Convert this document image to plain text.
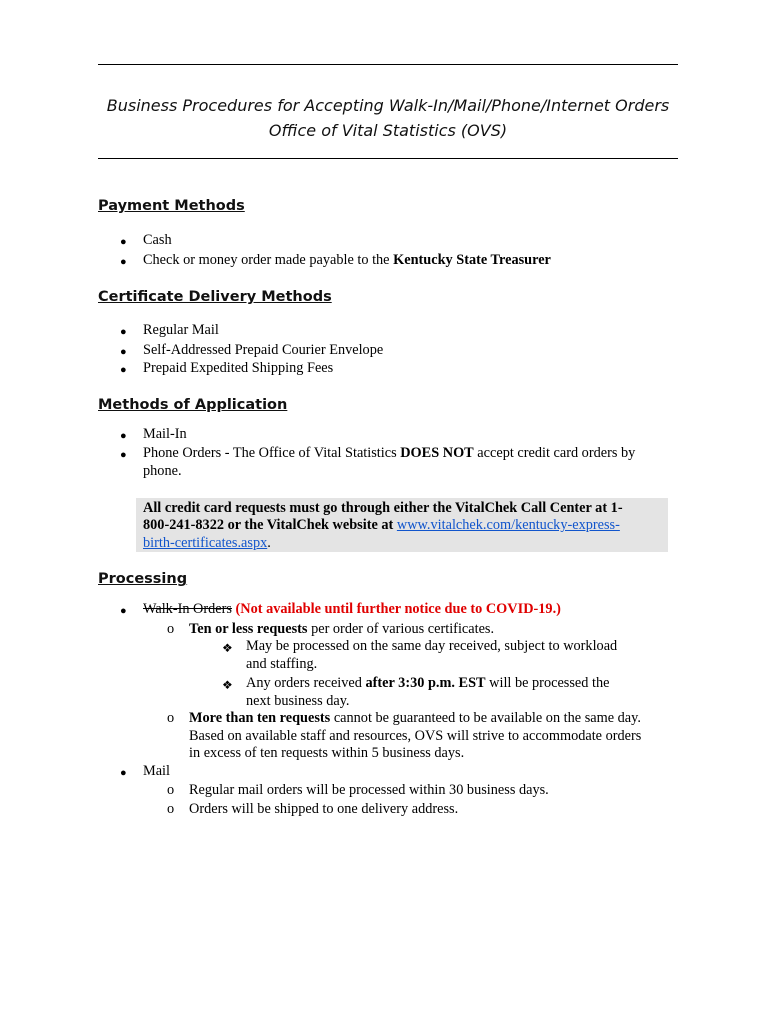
Business Procedures for Accepting Walk-In/Mail/Phone/Internet Orders
Office of Vital Statistics (OVS)
Payment Methods
● Cash
● Check or money order made payable to the Kentucky State Treasurer
Certificate Delivery Methods
● Regular Mail
● Self-Addressed Prepaid Courier Envelope
● Prepaid Expedited Shipping Fees
Methods of Application
● Mail-In
● Phone Orders - The Office of Vital Statistics DOES NOT accept credit card orders by
phone.
All credit card requests must go through either the VitalChek Call Center at 1-
800-241-8322 or the VitalChek website at www.vitalchek.com/kentucky-express-
birth-certificates.aspx.
Processing
● Walk-In Orders (Not available until further notice due to COVID-19.)
o Ten or less requests per order of various certificates.
❖ May be processed on the same day received, subject to workload
and staffing.
❖ Any orders received after 3:30 p.m. EST will be processed the
next business day.
o More than ten requests cannot be guaranteed to be available on the same day.
Based on available staff and resources, OVS will strive to accommodate orders
in excess of ten requests within 5 business days.
● Mail
o Regular mail orders will be processed within 30 business days.
o Orders will be shipped to one delivery address.
